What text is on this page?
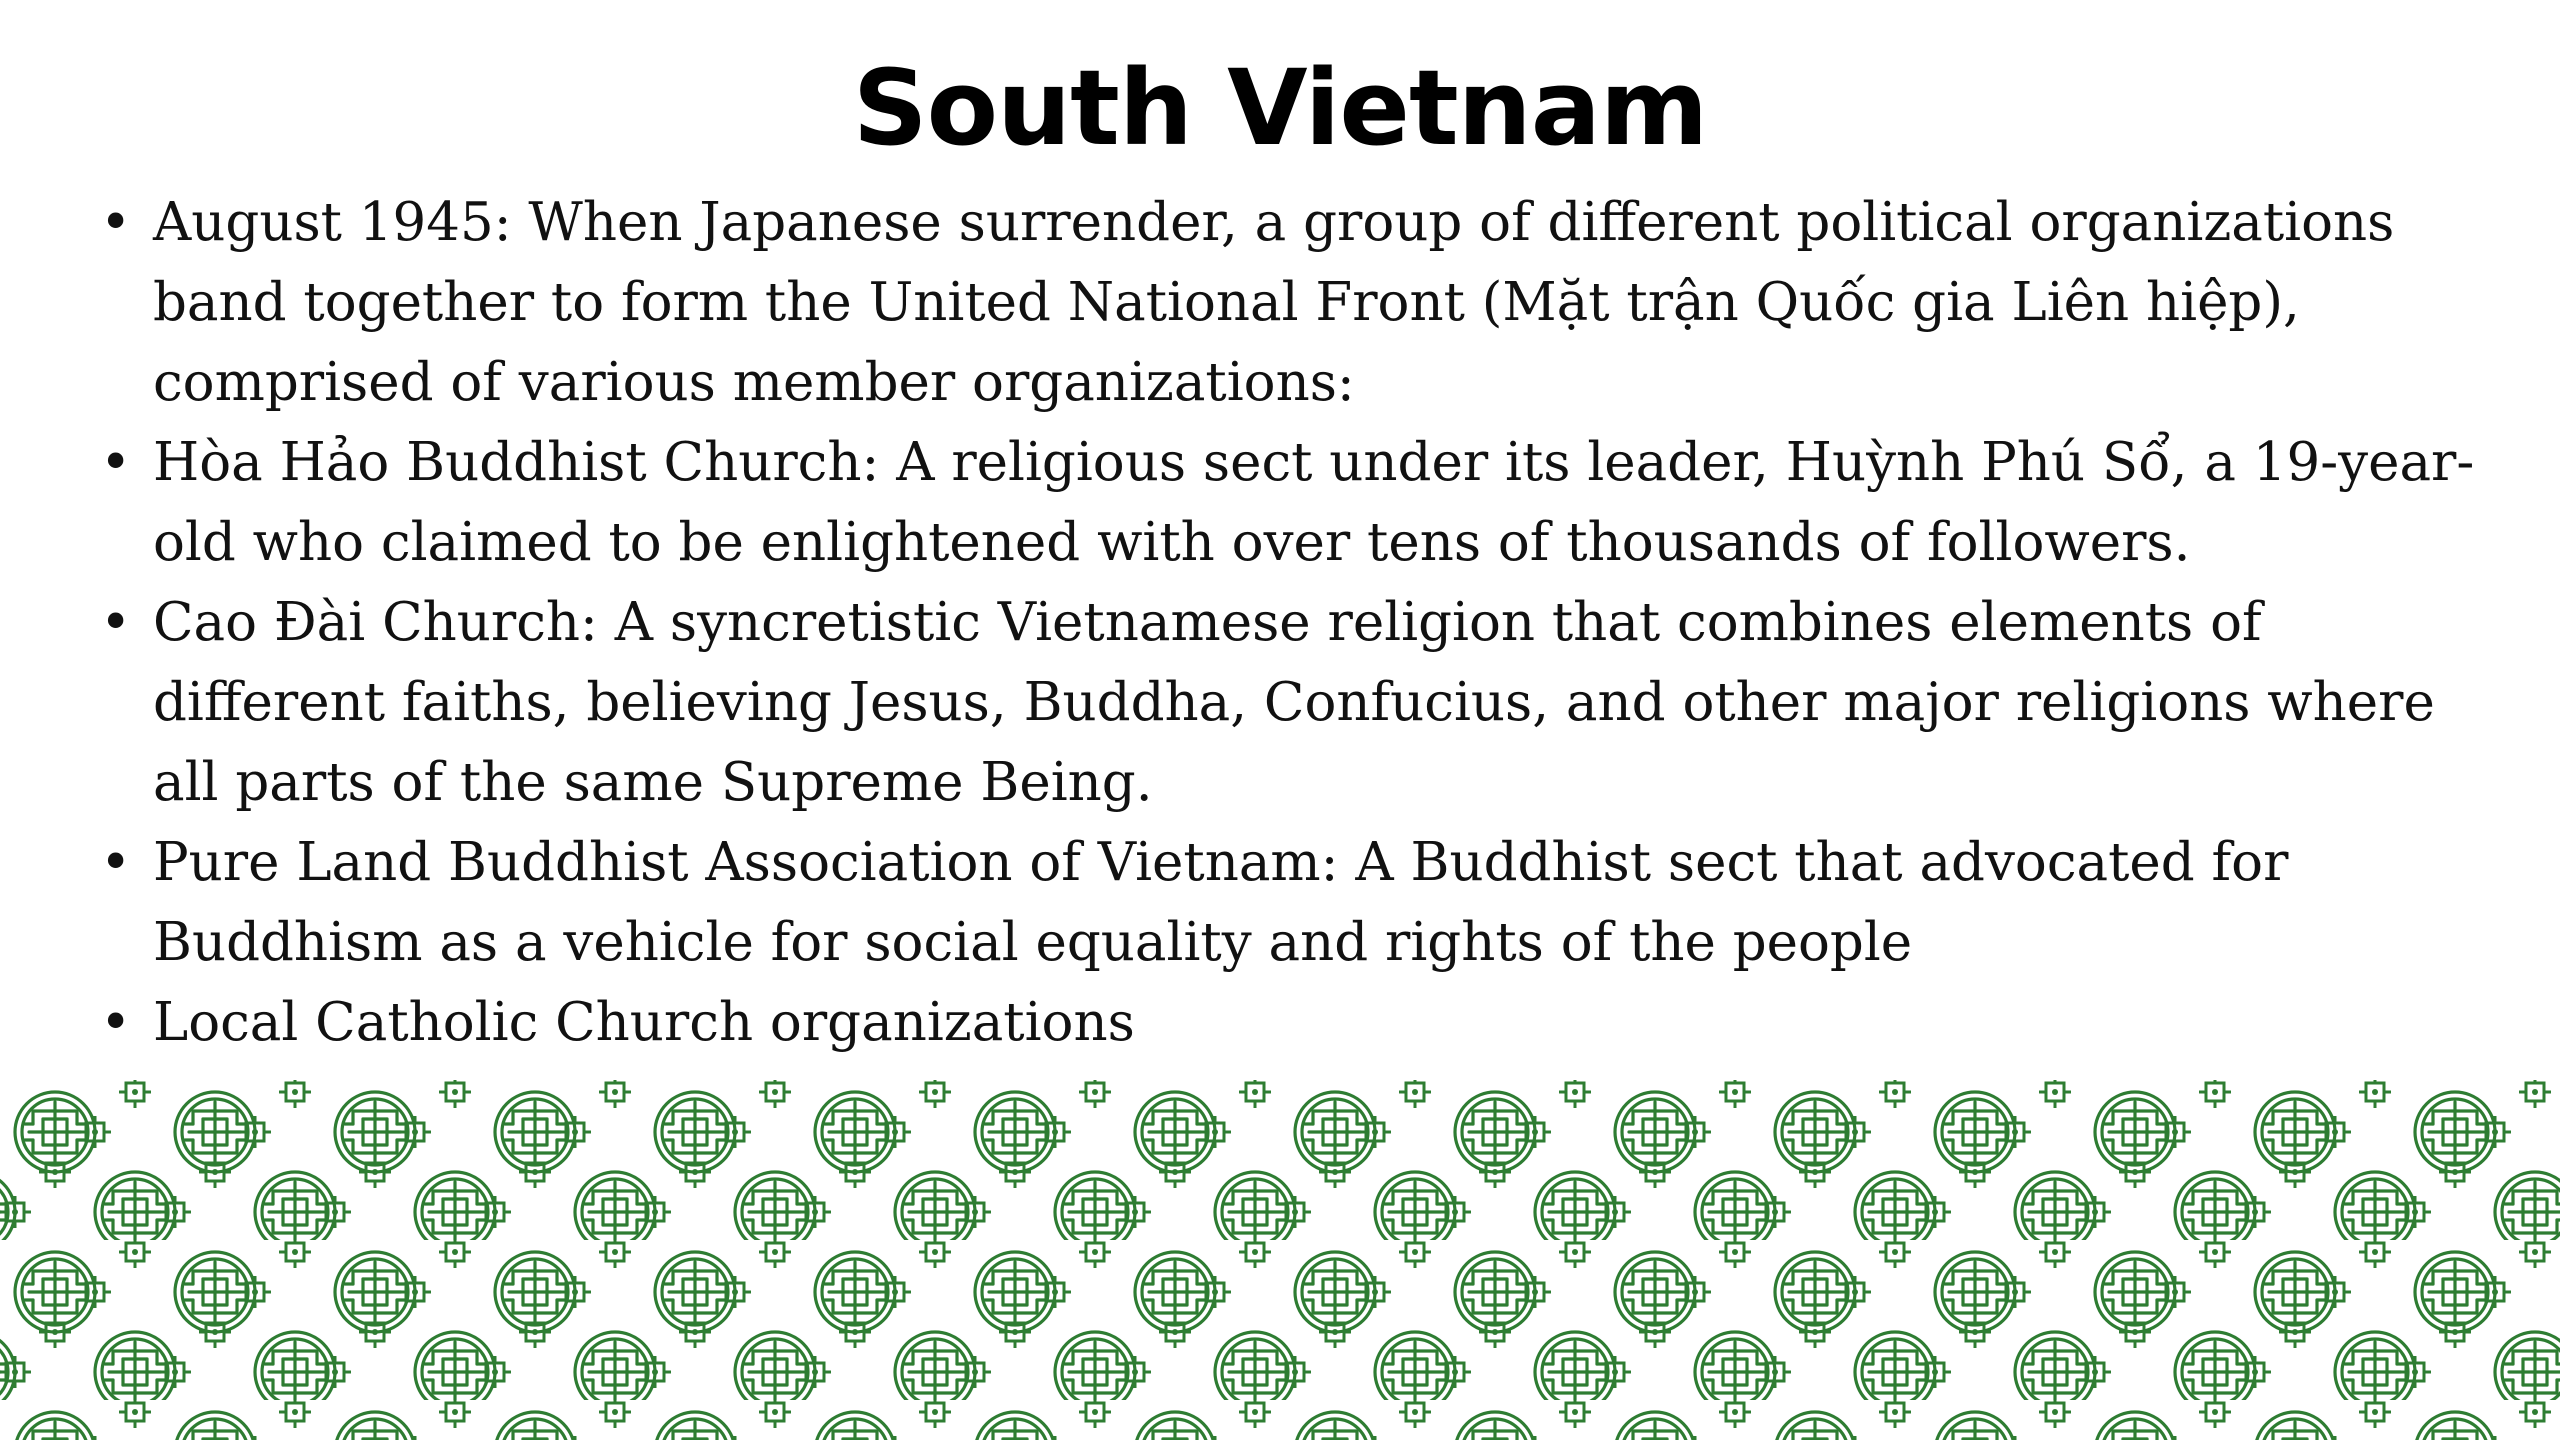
South Vietnam
• August 1945: When Japanese surrender, a group of different political organizations band together to form the United National Front (Mặt trận Quốc gia Liên hiệp), comprised of various member organizations:
• Hòa Hảo Buddhist Church: A religious sect under its leader, Huỳnh Phú Sổ, a 19-year-old who claimed to be enlightened with over tens of thousands of followers.
• Cao Đài Church: A syncretistic Vietnamese religion that combines elements of different faiths, believing Jesus, Buddha, Confucius, and other major religions where all parts of the same Supreme Being.
• Pure Land Buddhist Association of Vietnam: A Buddhist sect that advocated for Buddhism as a vehicle for social equality and rights of the people
• Local Catholic Church organizations
